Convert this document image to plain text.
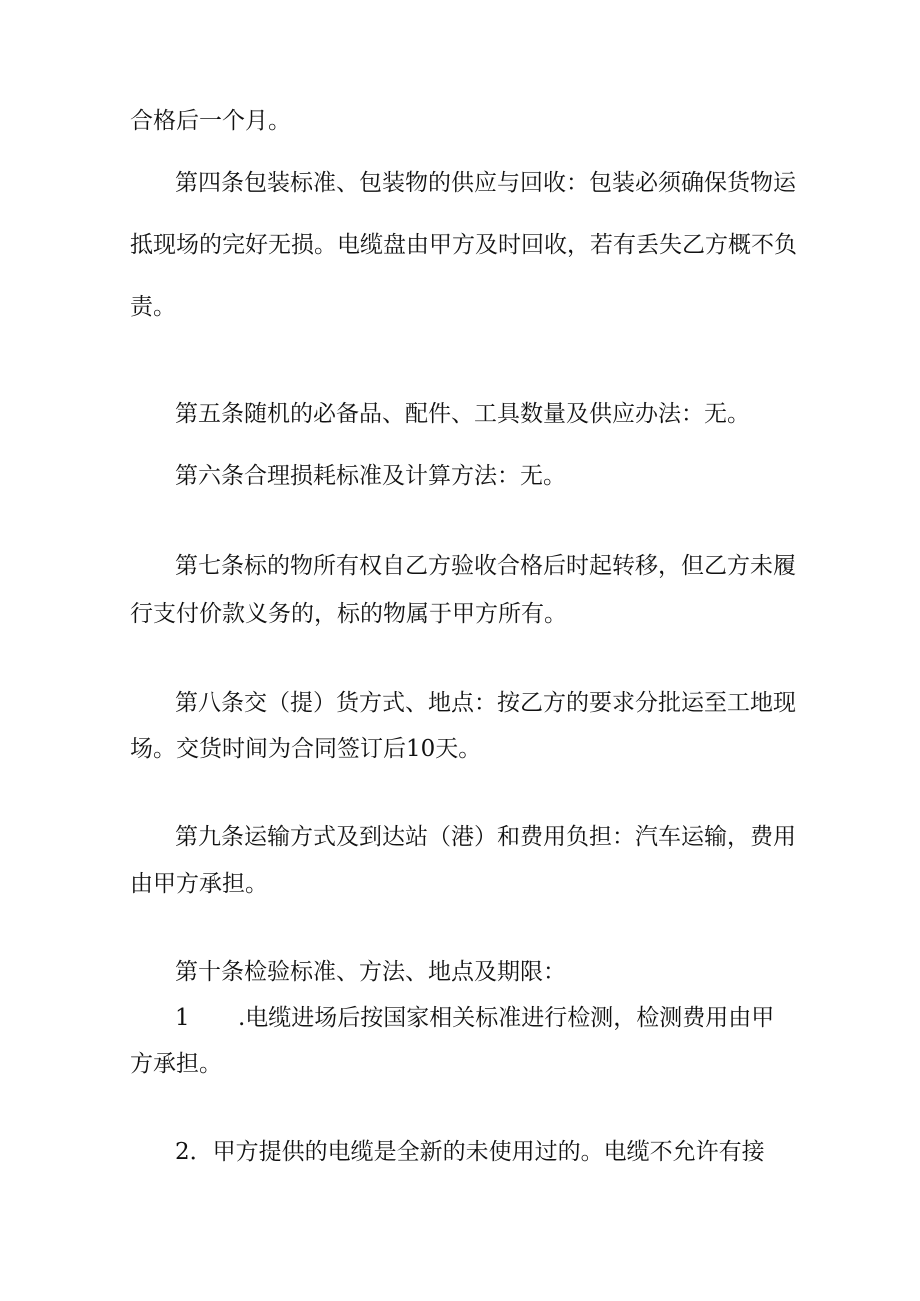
合格后一个月。
第四条包装标准、包装物的供应与回收：包装必须确保货物运
抵现场的完好无损。电缆盘由甲方及时回收，若有丢失乙方概不负
责。
第五条随机的必备品、配件、工具数量及供应办法：无。
第六条合理损耗标准及计算方法：无。
第七条标的物所有权自乙方验收合格后时起转移，但乙方未履
行支付价款义务的，标的物属于甲方所有。
第八条交（提）货方式、地点：按乙方的要求分批运至工地现
场。交货时间为合同签订后10天。
第九条运输方式及到达站（港）和费用负担：汽车运输，费用
由甲方承担。
第十条检验标准、方法、地点及期限：
1 .电缆进场后按国家相关标准进行检测，检测费用由甲
方承担。
2．甲方提供的电缆是全新的未使用过的。电缆不允许有接
